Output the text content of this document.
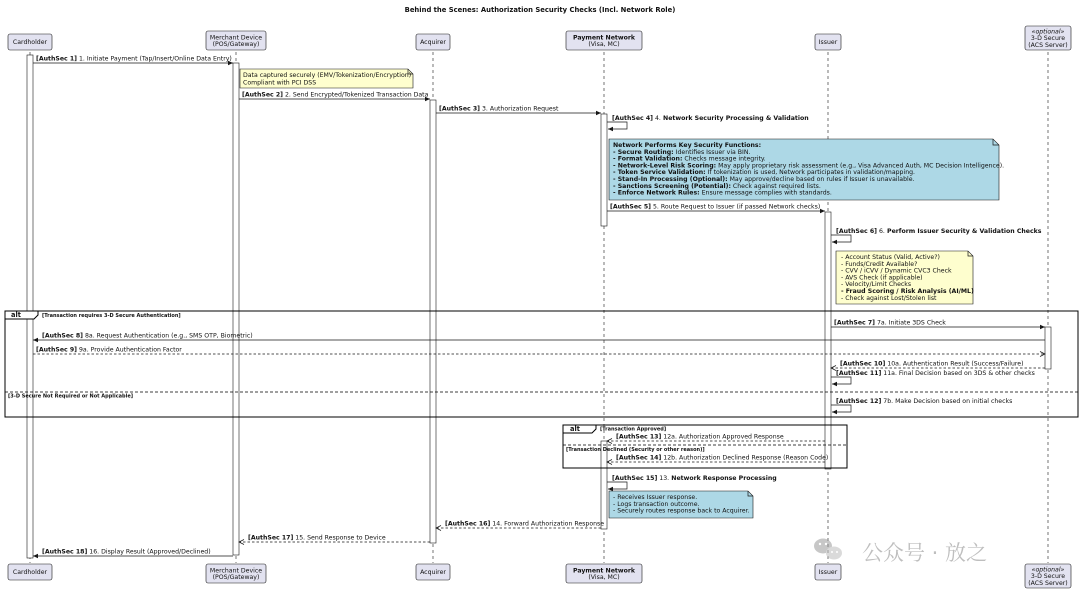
Behind the Scenes: Authorization Security Checks (Incl. Network Role)
alt	[Transaction requires 3-D Secure Authentication]
[3-D Secure Not Required or Not Applicable]
alt	[Transaction Approved]
[Transaction Declined (Security or other reason)]
Data captured securely (EMV/Tokenization/Encryption)
Compliant with PCI DSS
Network Performs Key Security Functions:
- Secure Routing: Identifies Issuer via BIN.
- Format Validation: Checks message integrity.
- Network-Level Risk Scoring: May apply proprietary risk assessment (e.g., Visa Advanced Auth, MC Decision Intelligence).
- Token Service Validation: If tokenization is used, Network participates in validation/mapping.
- Stand-In Processing (Optional): May approve/decline based on rules if Issuer is unavailable.
- Sanctions Screening (Potential): Check against required lists.
- Enforce Network Rules: Ensure message complies with standards.
- Account Status (Valid, Active?)
- Funds/Credit Available?
- CVV / iCVV / Dynamic CVC3 Check
- AVS Check (if applicable)
- Velocity/Limit Checks
- Fraud Scoring / Risk Analysis (AI/ML)
- Check against Lost/Stolen list
- Receives Issuer response.
- Logs transaction outcome.
- Securely routes response back to Acquirer.
[AuthSec 1] 1. Initiate Payment (Tap/Insert/Online Data Entry)
[AuthSec 2] 2. Send Encrypted/Tokenized Transaction Data
[AuthSec 3] 3. Authorization Request
[AuthSec 4] 4. Network Security Processing & Validation
[AuthSec 5] 5. Route Request to Issuer (if passed Network checks)
[AuthSec 6] 6. Perform Issuer Security & Validation Checks
[AuthSec 7] 7a. Initiate 3DS Check
[AuthSec 8] 8a. Request Authentication (e.g., SMS OTP, Biometric)
[AuthSec 9] 9a. Provide Authentication Factor
[AuthSec 10] 10a. Authentication Result (Success/Failure)
[AuthSec 11] 11a. Final Decision based on 3DS & other checks
[AuthSec 12] 7b. Make Decision based on initial checks
[AuthSec 13] 12a. Authorization Approved Response
[AuthSec 14] 12b. Authorization Declined Response (Reason Code)
[AuthSec 15] 13. Network Response Processing
[AuthSec 16] 14. Forward Authorization Response
[AuthSec 17] 15. Send Response to Device
[AuthSec 18] 16. Display Result (Approved/Declined)
Cardholder
Cardholder
Merchant Device
(POS/Gateway)
Merchant Device
(POS/Gateway)
Acquirer
Acquirer
Payment Network
(Visa, MC)
Payment Network
(Visa, MC)
Issuer
Issuer
«optional»
3-D Secure
(ACS Server)
«optional»
3-D Secure
(ACS Server)
公众号 · 放之
